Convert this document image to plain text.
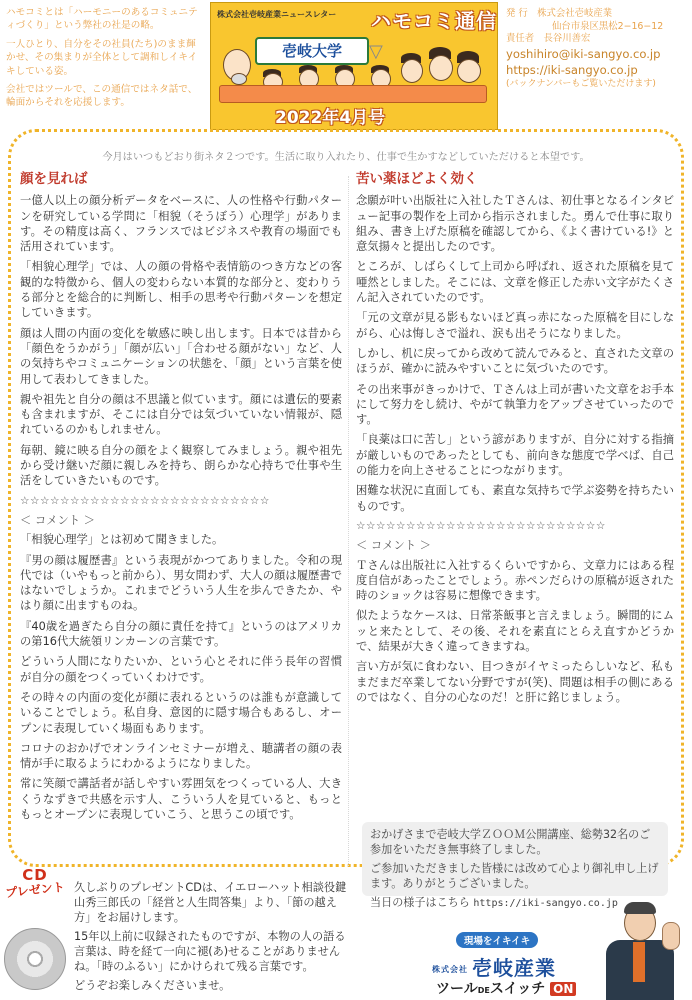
ハモコミとは「ハーモニーのあるコミュニティづくり」という弊社の社是の略。

一人ひとり、自分をその社員(たち)のまま輝かせ、その集まりが全体として調和しイキイキしている姿。

会社ではツールで、この通信ではネタ話で、輪面からそれを応援します。

株式会社壱岐産業ニュースレター ハモコミ通信
壱岐大学	▽
2022年4月号
発 行　株式会社壱岐産業
仙台市泉区黒松2−16−12
責任者　長谷川善宏
yoshihiro@iki-sangyo.co.jp
https://iki-sangyo.co.jp
(バックナンバーもご覧いただけます)
今月はいつもどおり街ネタ２つです。生活に取り入れたり、仕事で生かすなどしていただけると本望です。
顔を見れば

一億人以上の顔分析データをベースに、人の性格や行動パターンを研究している学問に「相貌（そうぼう）心理学」があります。その精度は高く、フランスではビジネスや教育の場面でも活用されています。

「相貌心理学」では、人の顔の骨格や表情筋のつき方などの客観的な特徴から、個人の変わらない本質的な部分と、変わりうる部分とを総合的に判断し、相手の思考や行動パターンを想定していきます。

顔は人間の内面の変化を敏感に映し出します。日本では昔から「顔色をうかがう」「顔が広い」「合わせる顔がない」など、人の気持ちやコミュニケーションの状態を、「顔」という言葉を使用して表わしてきました。

親や祖先と自分の顔は不思議と似ています。顔には遺伝的要素も含まれますが、そこには自分では気づいていない情報が、隠れているのかもしれません。

毎朝、鏡に映る自分の顔をよく観察してみましょう。親や祖先から受け継いだ顔に親しみを持ち、朗らかな心持ちで仕事や生活をしていきたいものです。

☆☆☆☆☆☆☆☆☆☆☆☆☆☆☆☆☆☆☆☆☆☆☆☆☆
＜ コメント ＞

「相貌心理学」とは初めて聞きました。

『男の顔は履歴書』という表現がかつてありました。令和の現代では（いやもっと前から）、男女問わず、大人の顔は履歴書ではないでしょうか。これまでどういう人生を歩んできたか、やはり顔に出ますものね。

『40歳を過ぎたら自分の顔に責任を持て』というのはアメリカの第16代大統領リンカーンの言葉です。

どういう人間になりたいか、という心とそれに伴う長年の習慣が自分の顔をつくっていくわけです。

その時々の内面の変化が顔に表れるというのは誰もが意識していることでしょう。私自身、意図的に隠す場合もあるし、オープンに表現していく場面もあります。

コロナのおかげでオンラインセミナーが増え、聴講者の顔の表情が手に取るようにわかるようになりました。

常に笑顔で講話者が話しやすい雰囲気をつくっている人、大きくうなずきで共感を示す人、こういう人を見ていると、もっともっとオープンに表現していこう、と思うこの頃です。

苦い薬ほどよく効く

念願が叶い出版社に入社したＴさんは、初仕事となるインタビュー記事の製作を上司から指示されました。勇んで仕事に取り組み、書き上げた原稿を確認してから、《よく書けている!》と意気揚々と提出したのです。

ところが、しばらくして上司から呼ばれ、返された原稿を見て唖然としました。そこには、文章を修正した赤い文字がたくさん記入されていたのです。

「元の文章が見る影もないほど真っ赤になった原稿を目にしながら、心は悔しさで溢れ、涙も出そうになりました。

しかし、机に戻ってから改めて読んでみると、直された文章のほうが、確かに読みやすいことに気づいたのです。

その出来事がきっかけで、Ｔさんは上司が書いた文章をお手本にして努力をし続け、やがて執筆力をアップさせていったのです。

「良薬は口に苦し」という諺がありますが、自分に対する指摘が厳しいものであったとしても、前向きな態度で学べば、自己の能力を向上させることにつながります。

困難な状況に直面しても、素直な気持ちで学ぶ姿勢を持ちたいものです。

☆☆☆☆☆☆☆☆☆☆☆☆☆☆☆☆☆☆☆☆☆☆☆☆☆
＜ コメント ＞

Ｔさんは出版社に入社するくらいですから、文章力にはある程度自信があったことでしょう。赤ペンだらけの原稿が返された時のショックは容易に想像できます。

似たようなケースは、日常茶飯事と言えましょう。瞬間的にムッと来たとして、その後、それを素直にとらえ直すかどうかで、結果が大きく違ってきますね。

言い方が気に食わない、目つきがイヤミったらしいなど、私もまだまだ卒業してない分野ですが(笑)、問題は相手の側にあるのではなく、自分の心なのだ！と肝に銘じましょう。

おかげさまで壱岐大学ＺＯＯＭ公開講座、総勢32名のご参加をいただき無事終了しました。

ご参加いただきました皆様には改めて心より御礼申し上げます。ありがとうございました。

当日の様子はこちら https://iki-sangyo.co.jp

CD
プレゼント 久しぶりのプレゼントCDは、イエローハット相談役鍵山秀三郎氏の「経営と人生問答集」より、「節の越え方」をお届けします。

15年以上前に収録されたものですが、本物の人の語る言葉は、時を経て一向に褪(あ)せることがありませんね。「時のふるい」にかけられて残る言葉です。

どうぞお楽しみくださいませ。

現場をイキイキ
株式会社 壱岐産業
ツールDEスイッチ ON
